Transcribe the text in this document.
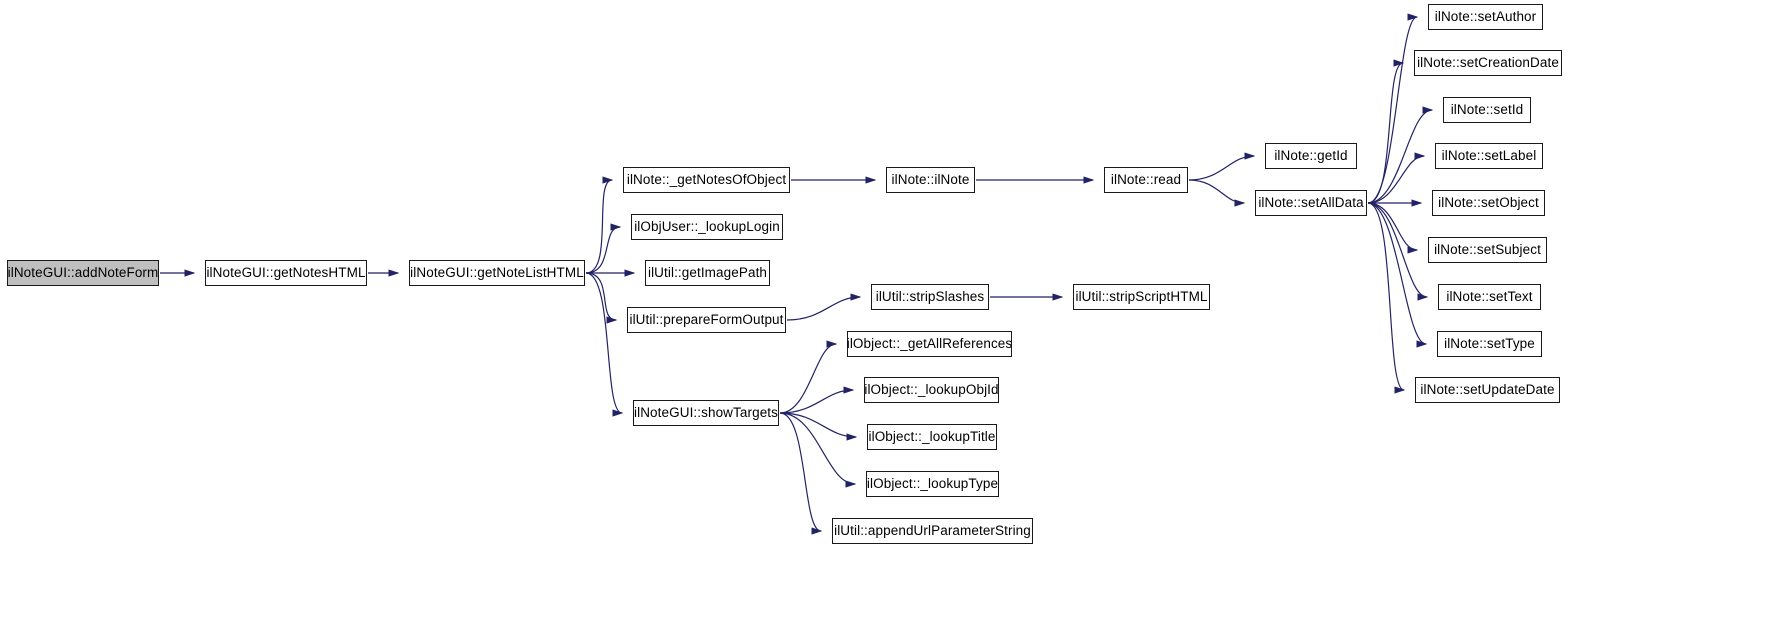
ilNoteGUI::addNoteForm	ilNoteGUI::getNotesHTML	ilNoteGUI::getNoteListHTML
ilNote::_getNotesOfObject
ilObjUser::_lookupLogin
ilUtil::getImagePath
ilUtil::prepareFormOutput
ilNoteGUI::showTargets
ilNote::ilNote
ilUtil::stripSlashes
ilObject::_getAllReferences
ilObject::_lookupObjId
ilObject::_lookupTitle
ilObject::_lookupType
ilUtil::appendUrlParameterString
ilNote::read
ilUtil::stripScriptHTML
ilNote::getId
ilNote::setAllData
ilNote::setAuthor
ilNote::setCreationDate
ilNote::setId
ilNote::setLabel
ilNote::setObject
ilNote::setSubject
ilNote::setText
ilNote::setType
ilNote::setUpdateDate
